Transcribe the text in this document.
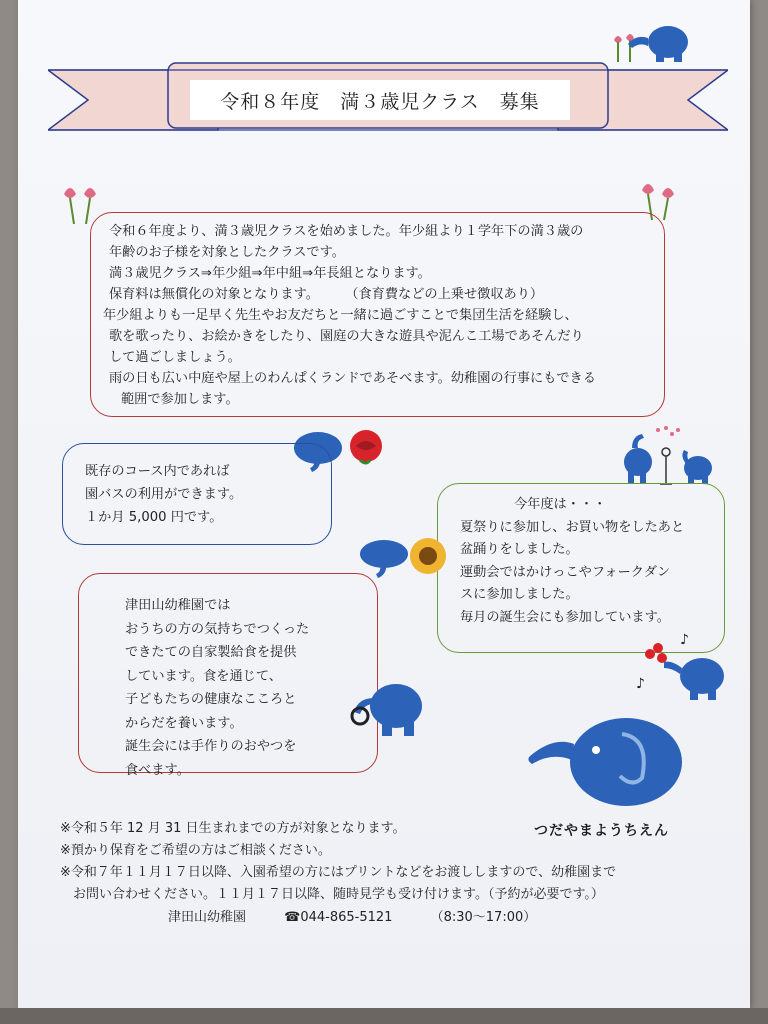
令和８年度　満３歳児クラス　募集

令和６年度より、満３歳児クラスを始めました。年少組より１学年下の満３歳の

年齢のお子様を対象としたクラスです。

満３歳児クラス⇒年少組⇒年中組⇒年長組となります。

保育料は無償化の対象となります。　　　（食育費などの上乗せ徴収あり）

年少組よりも一足早く先生やお友だちと一緒に過ごすことで集団生活を経験し、

歌を歌ったり、お絵かきをしたり、園庭の大きな遊具や泥んこ工場であそんだり

して過ごしましょう。

雨の日も広い中庭や屋上のわんぱくランドであそべます。幼稚園の行事にもできる

範囲で参加します。

既存のコース内であれば

園バスの利用ができます。

１か月 5,000 円です。

今年度は・・・

夏祭りに参加し、お買い物をしたあと

盆踊りをしました。

運動会ではかけっこやフォークダン

スに参加しました。

毎月の誕生会にも参加しています。

津田山幼稚園では

おうちの方の気持ちでつくった

できたての自家製給食を提供

しています。食を通じて、

子どもたちの健康なこころと

からだを養います。

誕生会には手作りのおやつを

食べます。

♪
♪
つだやまようちえん

※令和５年 12 月 31 日生まれまでの方が対象となります。

※預かり保育をご希望の方はご相談ください。

※令和７年１１月１７日以降、入園希望の方にはプリントなどをお渡ししますので、幼稚園まで

　お問い合わせください。１１月１７日以降、随時見学も受け付けます。（予約が必要です。）

津田山幼稚園	☎044-865-5121	（8:30〜17:00）
